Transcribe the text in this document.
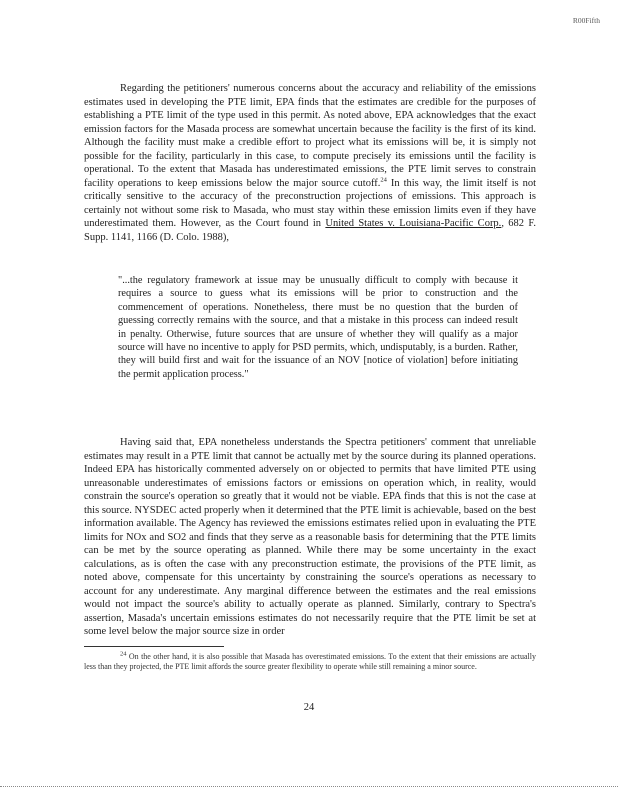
R00Fifth

Regarding the petitioners' numerous concerns about the accuracy and reliability of the emissions estimates used in developing the PTE limit, EPA finds that the estimates are credible for the purposes of establishing a PTE limit of the type used in this permit. As noted above, EPA acknowledges that the exact emission factors for the Masada process are somewhat uncertain because the facility is the first of its kind. Although the facility must make a credible effort to project what its emissions will be, it is simply not possible for the facility, particularly in this case, to compute precisely its emissions until the facility is operational. To the extent that Masada has underestimated emissions, the PTE limit serves to constrain facility operations to keep emissions below the major source cutoff.$^{24}$ In this way, the limit itself is not critically sensitive to the accuracy of the preconstruction projections of emissions. This approach is certainly not without some risk to Masada, who must stay within these emission limits even if they have underestimated them. However, as the Court found in United States v. Louisiana-Pacific Corp., 682 F. Supp. 1141, 1166 (D. Colo. 1988),

"...the regulatory framework at issue may be unusually difficult to comply with because it requires a source to guess what its emissions will be prior to construction and the commencement of operations. Nonetheless, there must be no question that the burden of guessing correctly remains with the source, and that a mistake in this process can indeed result in penalty. Otherwise, future sources that are unsure of whether they will qualify as a major source will have no incentive to apply for PSD permits, which, undisputably, is a burden. Rather, they will build first and wait for the issuance of an NOV [notice of violation] before initiating the permit application process."

Having said that, EPA nonetheless understands the Spectra petitioners' comment that unreliable estimates may result in a PTE limit that cannot be actually met by the source during its planned operations. Indeed EPA has historically commented adversely on or objected to permits that have limited PTE using unreasonable underestimates of emissions factors or emissions on operation which, in reality, would constrain the source's operation so greatly that it would not be viable. EPA finds that this is not the case at this source. NYSDEC acted properly when it determined that the PTE limit is achievable, based on the best information available. The Agency has reviewed the emissions estimates relied upon in evaluating the PTE limits for NOx and SO2 and finds that they serve as a reasonable basis for determining that the PTE limits can be met by the source operating as planned. While there may be some uncertainty in the exact calculations, as is often the case with any preconstruction estimate, the provisions of the PTE limit, as noted above, compensate for this uncertainty by constraining the source's operations as necessary to account for any underestimate. Any marginal difference between the estimates and the real emissions would not impact the source's ability to actually operate as planned. Similarly, contrary to Spectra's assertion, Masada's uncertain emissions estimates do not necessarily require that the PTE limit be set at some level below the major source size in order

$^{24}$ On the other hand, it is also possible that Masada has overestimated emissions. To the extent that their emissions are actually less than they projected, the PTE limit affords the source greater flexibility to operate while still remaining a minor source.

24
